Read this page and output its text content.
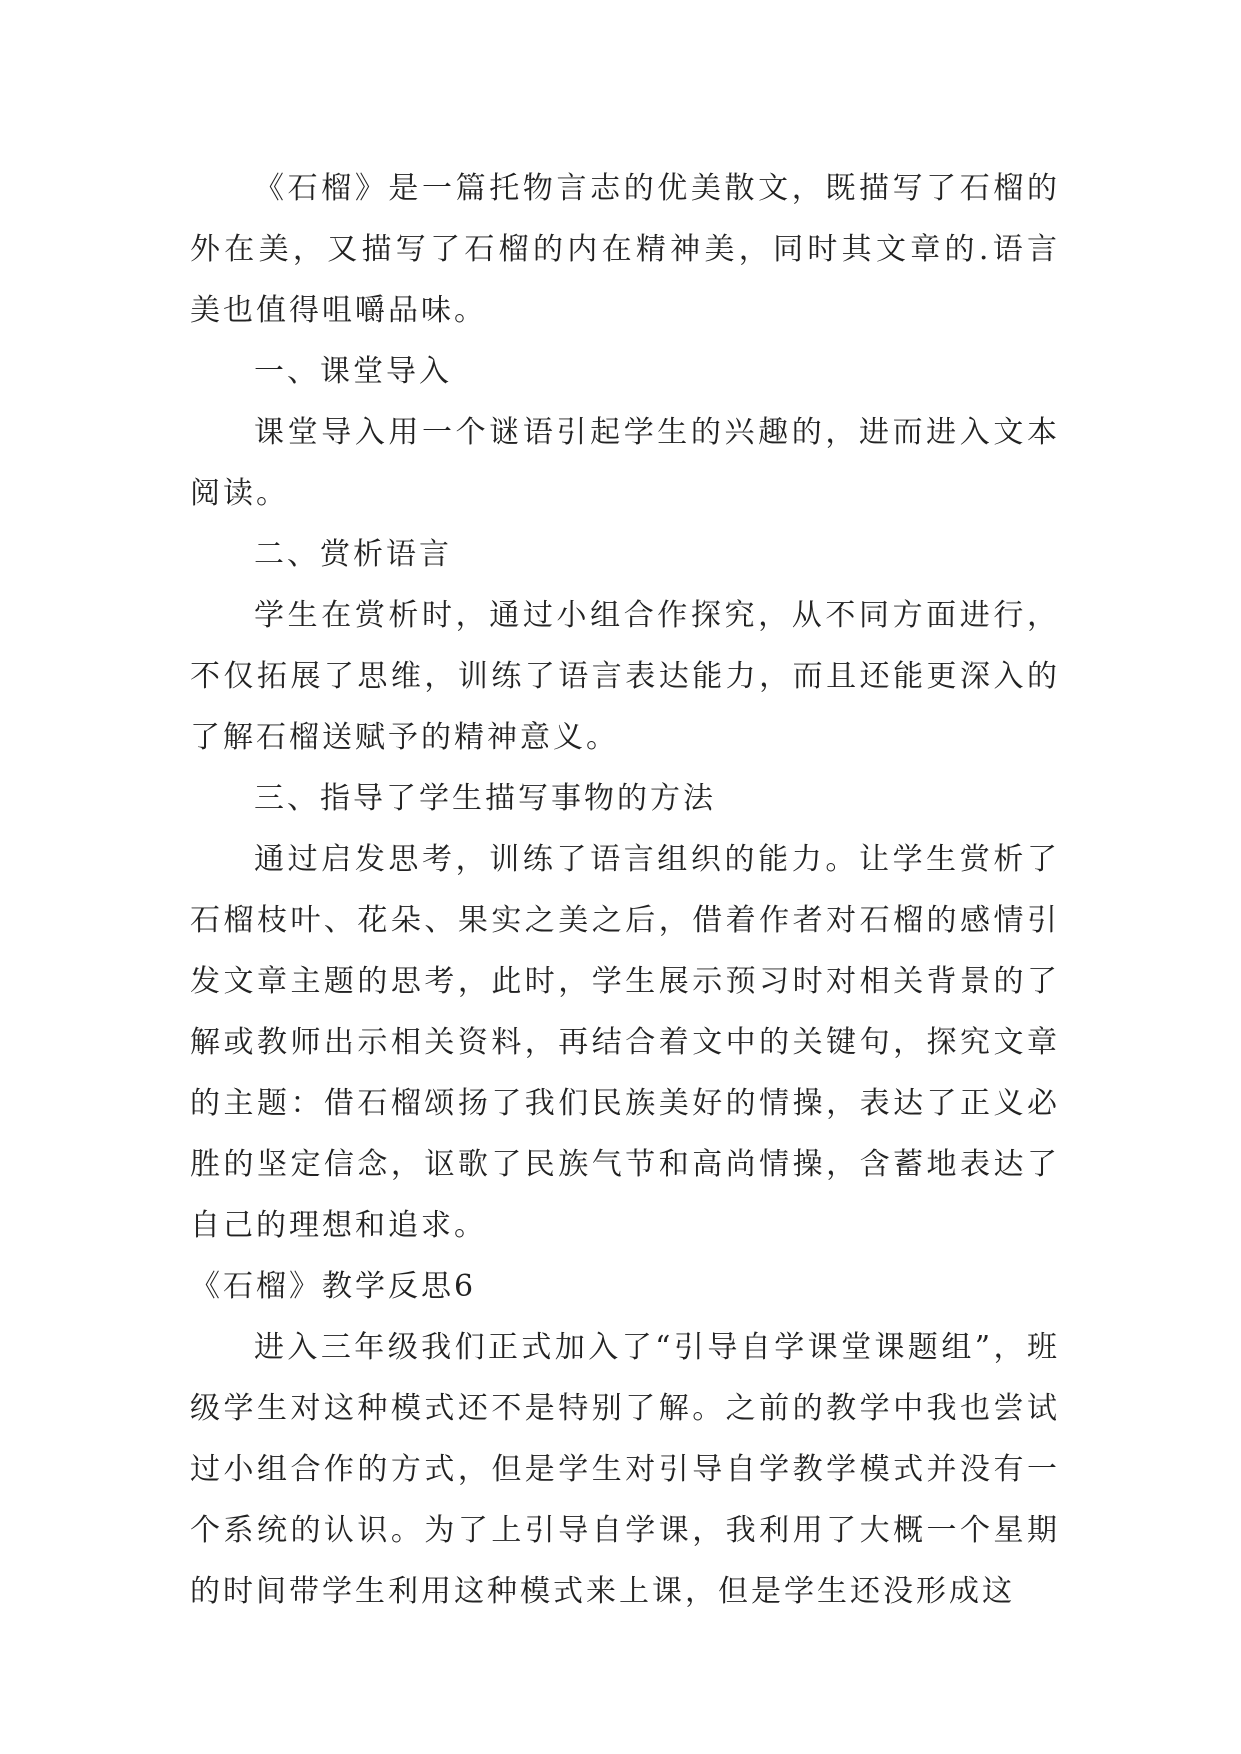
《石榴》是一篇托物言志的优美散文，既描写了石榴的外在美，又描写了石榴的内在精神美，同时其文章的.语言美也值得咀嚼品味。

一、课堂导入

课堂导入用一个谜语引起学生的兴趣的，进而进入文本阅读。

二、赏析语言

学生在赏析时，通过小组合作探究，从不同方面进行，不仅拓展了思维，训练了语言表达能力，而且还能更深入的了解石榴送赋予的精神意义。

三、指导了学生描写事物的方法

通过启发思考，训练了语言组织的能力。让学生赏析了石榴枝叶、花朵、果实之美之后，借着作者对石榴的感情引发文章主题的思考，此时，学生展示预习时对相关背景的了解或教师出示相关资料，再结合着文中的关键句，探究文章的主题：借石榴颂扬了我们民族美好的情操，表达了正义必胜的坚定信念，讴歌了民族气节和高尚情操，含蓄地表达了自己的理想和追求。

《石榴》教学反思6

进入三年级我们正式加入了“引导自学课堂课题组”，班级学生对这种模式还不是特别了解。之前的教学中我也尝试过小组合作的方式，但是学生对引导自学教学模式并没有一个系统的认识。为了上引导自学课，我利用了大概一个星期的时间带学生利用这种模式来上课，但是学生还没形成这
